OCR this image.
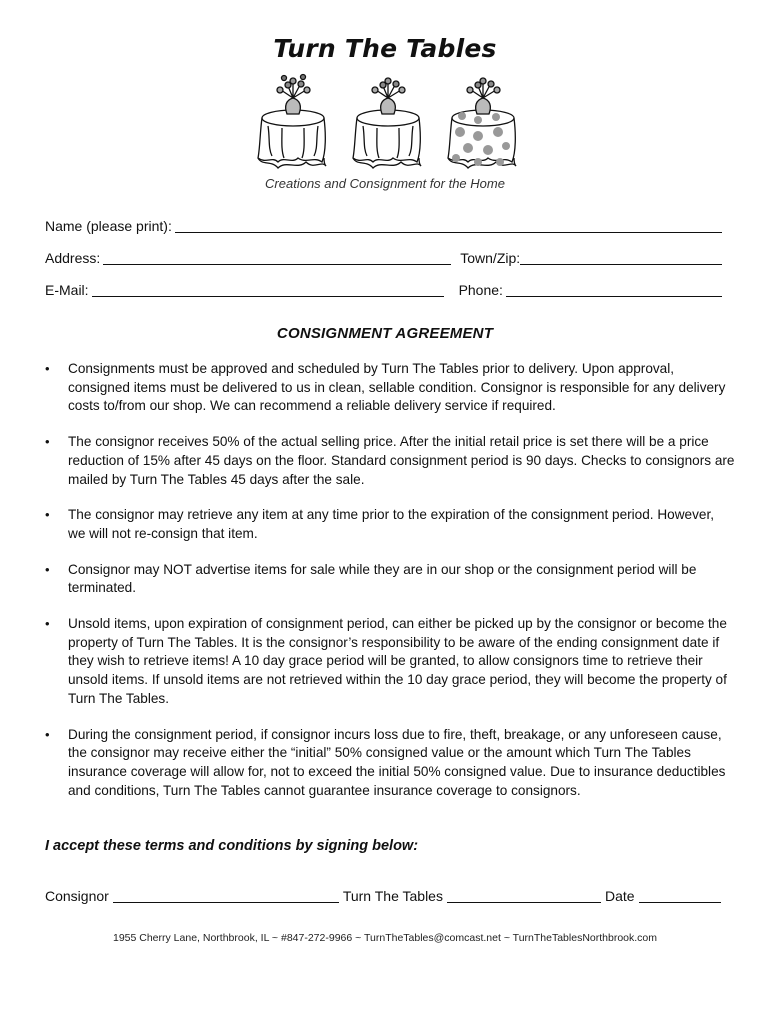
Turn The Tables
Creations and Consignment for the Home
Name (please print):
Address:	Town/Zip:
E-Mail:	Phone:
CONSIGNMENT AGREEMENT
• Consignments must be approved and scheduled by Turn The Tables prior to delivery. Upon approval, consigned items must be delivered to us in clean, sellable condition. Consignor is responsible for any delivery costs to/from our shop. We can recommend a reliable delivery service if required.
• The consignor receives 50% of the actual selling price. After the initial retail price is set there will be a price reduction of 15% after 45 days on the floor. Standard consignment period is 90 days. Checks to consignors are mailed by Turn The Tables 45 days after the sale.
• The consignor may retrieve any item at any time prior to the expiration of the consignment period. However, we will not re-consign that item.
• Consignor may NOT advertise items for sale while they are in our shop or the consignment period will be terminated.
• Unsold items, upon expiration of consignment period, can either be picked up by the consignor or become the property of Turn The Tables. It is the consignor’s responsibility to be aware of the ending consignment date if they wish to retrieve items! A 10 day grace period will be granted, to allow consignors time to retrieve their unsold items. If unsold items are not retrieved within the 10 day grace period, they will become the property of Turn The Tables.
• During the consignment period, if consignor incurs loss due to fire, theft, breakage, or any unforeseen cause, the consignor may receive either the “initial” 50% consigned value or the amount which Turn The Tables insurance coverage will allow for, not to exceed the initial 50% consigned value. Due to insurance deductibles and conditions, Turn The Tables cannot guarantee insurance coverage to consignors.
I accept these terms and conditions by signing below:
Consignor	Turn The Tables	Date
1955 Cherry Lane, Northbrook, IL ~ #847-272-9966 ~ TurnTheTables@comcast.net ~ TurnTheTablesNorthbrook.com
